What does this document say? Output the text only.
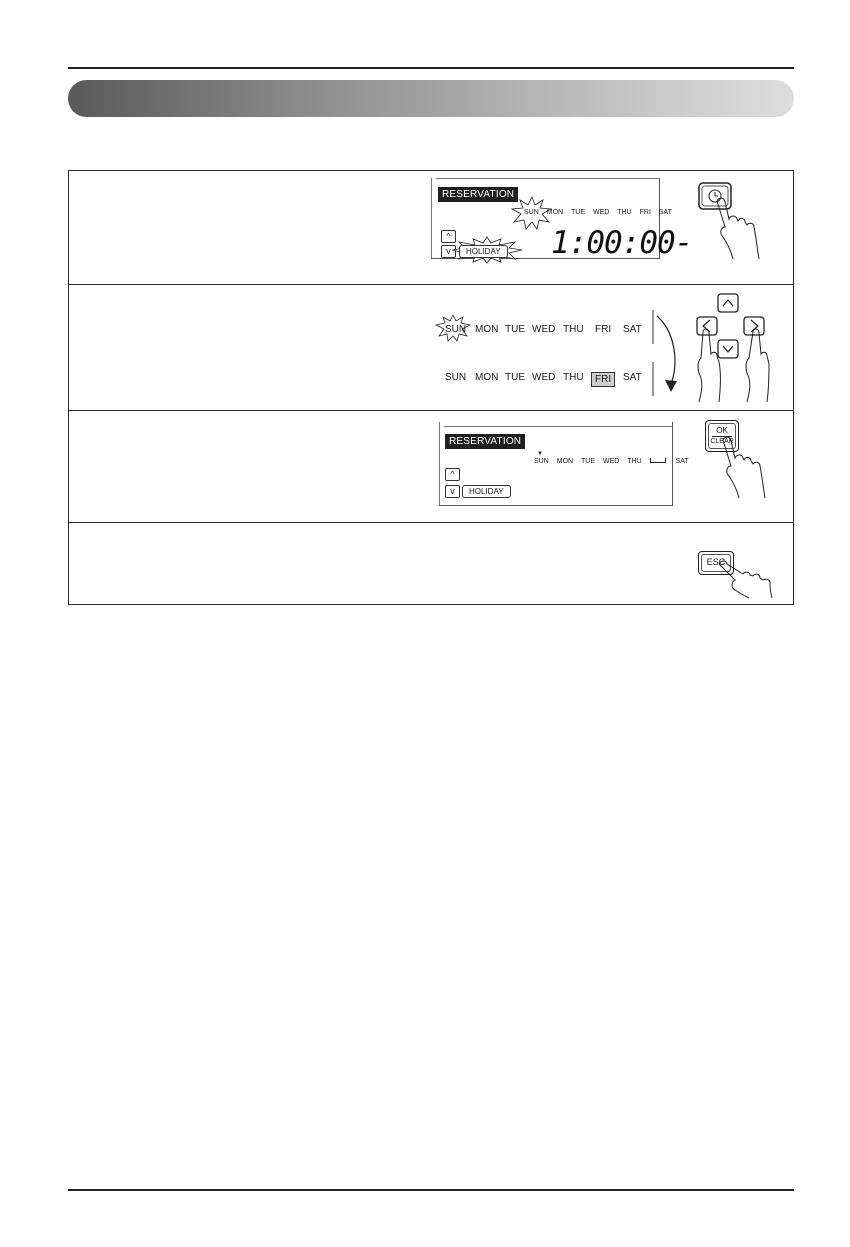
RESERVATION
SUN MON TUE WED THU FRI SAT
^
v	HOLIDAY 1:00:00-
SUN MON TUE WED THU FRI SAT
SUN MON TUE WED THU	FRI	SAT
RESERVATION
▼
SUN MON TUE WED THU	SAT
^
v	HOLIDAY
OK
CLEAR
ESC
